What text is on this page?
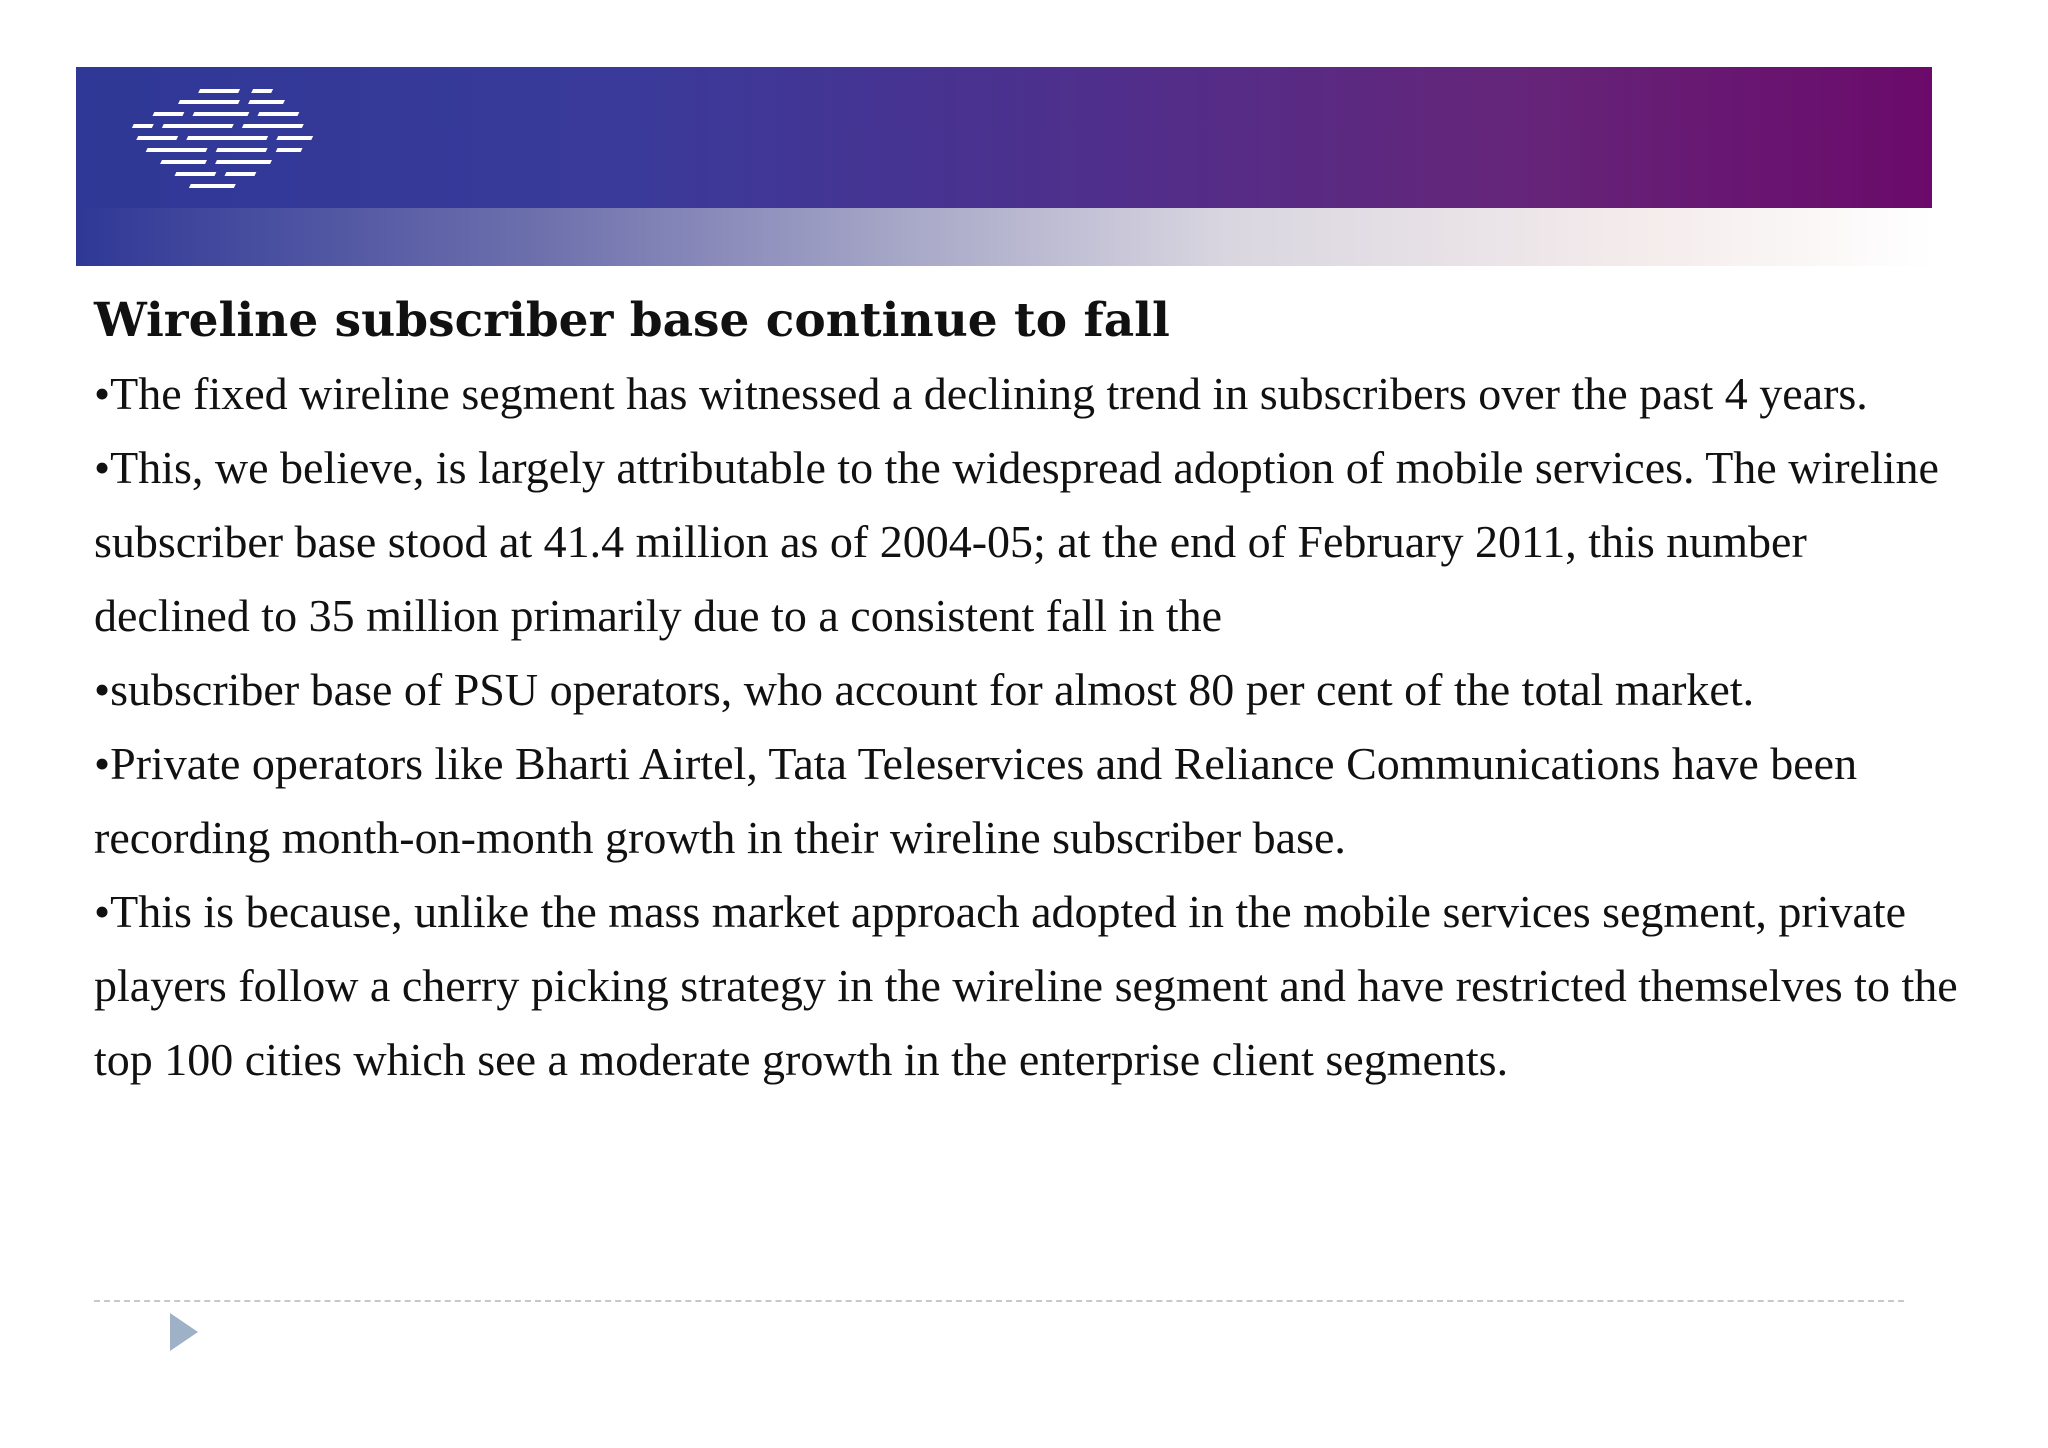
Wireline subscriber base continue to fall

•The fixed wireline segment has witnessed a declining trend in subscribers over the past 4 years.

•This, we believe, is largely attributable to the widespread adoption of mobile services. The wireline subscriber base stood at 41.4 million as of 2004-05; at the end of February 2011, this number declined to 35 million primarily due to a consistent fall in the

•subscriber base of PSU operators, who account for almost 80 per cent of the total market.

•Private operators like Bharti Airtel, Tata Teleservices and Reliance Communications have been recording month-on-month growth in their wireline subscriber base.

•This is because, unlike the mass market approach adopted in the mobile services segment, private players follow a cherry picking strategy in the wireline segment and have restricted themselves to the top 100 cities which see a moderate growth in the enterprise client segments.
